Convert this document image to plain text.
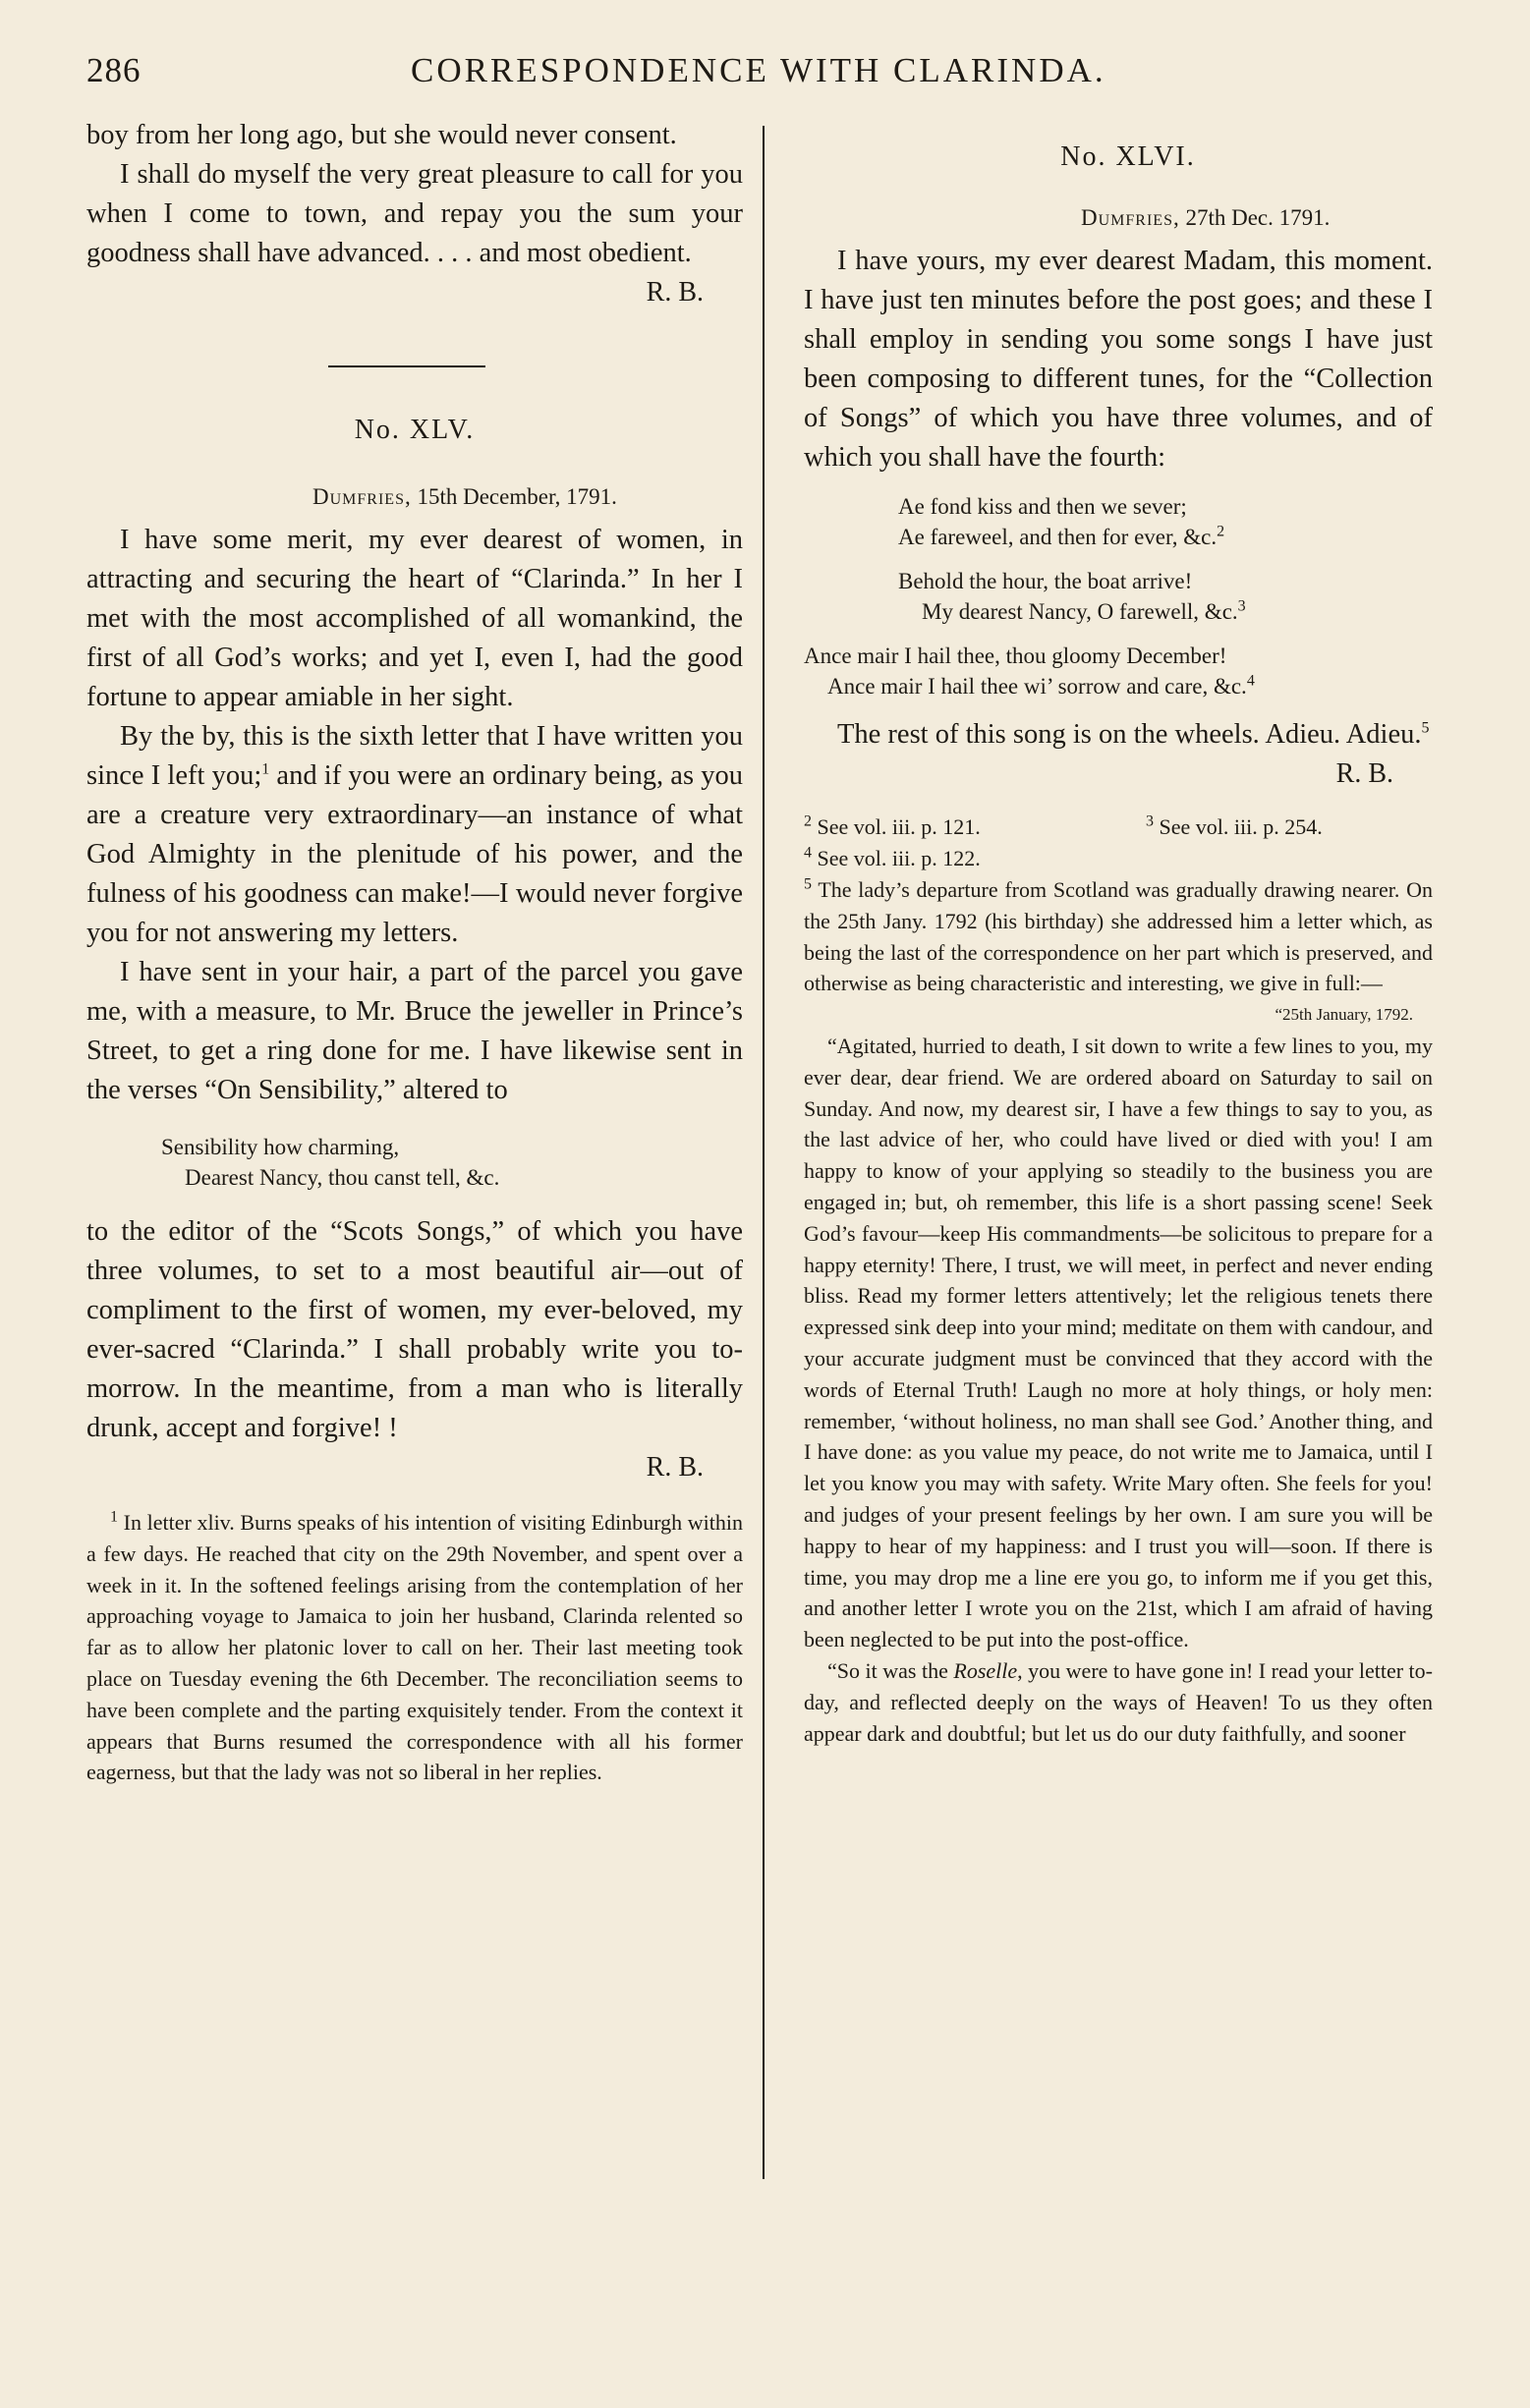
286	CORRESPONDENCE WITH CLARINDA.

boy from her long ago, but she would never consent.

I shall do myself the very great pleasure to call for you when I come to town, and repay you the sum your goodness shall have advanced. . . . and most obedient.

R. B.

No. XLV.

Dumfries, 15th December, 1791.

I have some merit, my ever dearest of women, in attracting and securing the heart of “Clarinda.” In her I met with the most accomplished of all womankind, the first of all God’s works; and yet I, even I, had the good fortune to appear amiable in her sight.

By the by, this is the sixth letter that I have written you since I left you;$^1$ and if you were an ordinary being, as you are a creature very extraordinary—an instance of what God Almighty in the plenitude of his power, and the fulness of his goodness can make!—I would never forgive you for not answering my letters.

I have sent in your hair, a part of the parcel you gave me, with a measure, to Mr. Bruce the jeweller in Prince’s Street, to get a ring done for me. I have likewise sent in the verses “On Sensibility,” altered to

Sensibility how charming,

Dearest Nancy, thou canst tell, &c.

to the editor of the “Scots Songs,” of which you have three volumes, to set to a most beautiful air—out of compliment to the first of women, my ever-beloved, my ever-sacred “Clarinda.” I shall probably write you to-morrow. In the meantime, from a man who is literally drunk, accept and forgive! !

R. B.

$^1$ In letter xliv. Burns speaks of his intention of visiting Edinburgh within a few days. He reached that city on the 29th November, and spent over a week in it. In the softened feelings arising from the contemplation of her approaching voyage to Jamaica to join her husband, Clarinda relented so far as to allow her platonic lover to call on her. Their last meeting took place on Tuesday evening the 6th December. The reconciliation seems to have been complete and the parting exquisitely tender. From the context it appears that Burns resumed the correspondence with all his former eagerness, but that the lady was not so liberal in her replies.

No. XLVI.

Dumfries, 27th Dec. 1791.

I have yours, my ever dearest Madam, this moment. I have just ten minutes before the post goes; and these I shall employ in sending you some songs I have just been composing to different tunes, for the “Collection of Songs” of which you have three volumes, and of which you shall have the fourth:

Ae fond kiss and then we sever;

Ae fareweel, and then for ever, &c.$^2$

Behold the hour, the boat arrive!

My dearest Nancy, O farewell, &c.$^3$

Ance mair I hail thee, thou gloomy December!

Ance mair I hail thee wi’ sorrow and care, &c.$^4$

The rest of this song is on the wheels. Adieu. Adieu.$^5$

R. B.

$^2$ See vol. iii. p. 121.	$^3$ See vol. iii. p. 254.

$^4$ See vol. iii. p. 122.

$^5$ The lady’s departure from Scotland was gradually drawing nearer. On the 25th Jany. 1792 (his birthday) she addressed him a letter which, as being the last of the correspondence on her part which is preserved, and otherwise as being characteristic and interesting, we give in full:—

“25th January, 1792.

“Agitated, hurried to death, I sit down to write a few lines to you, my ever dear, dear friend. We are ordered aboard on Saturday to sail on Sunday. And now, my dearest sir, I have a few things to say to you, as the last advice of her, who could have lived or died with you! I am happy to know of your applying so steadily to the business you are engaged in; but, oh remember, this life is a short passing scene! Seek God’s favour—keep His commandments—be solicitous to prepare for a happy eternity! There, I trust, we will meet, in perfect and never ending bliss. Read my former letters attentively; let the religious tenets there expressed sink deep into your mind; meditate on them with candour, and your accurate judgment must be convinced that they accord with the words of Eternal Truth! Laugh no more at holy things, or holy men: remember, ‘without holiness, no man shall see God.’ Another thing, and I have done: as you value my peace, do not write me to Jamaica, until I let you know you may with safety. Write Mary often. She feels for you! and judges of your present feelings by her own. I am sure you will be happy to hear of my happiness: and I trust you will—soon. If there is time, you may drop me a line ere you go, to inform me if you get this, and another letter I wrote you on the 21st, which I am afraid of having been neglected to be put into the post-office.

“So it was the Roselle, you were to have gone in! I read your letter to-day, and reflected deeply on the ways of Heaven! To us they often appear dark and doubtful; but let us do our duty faithfully, and sooner
